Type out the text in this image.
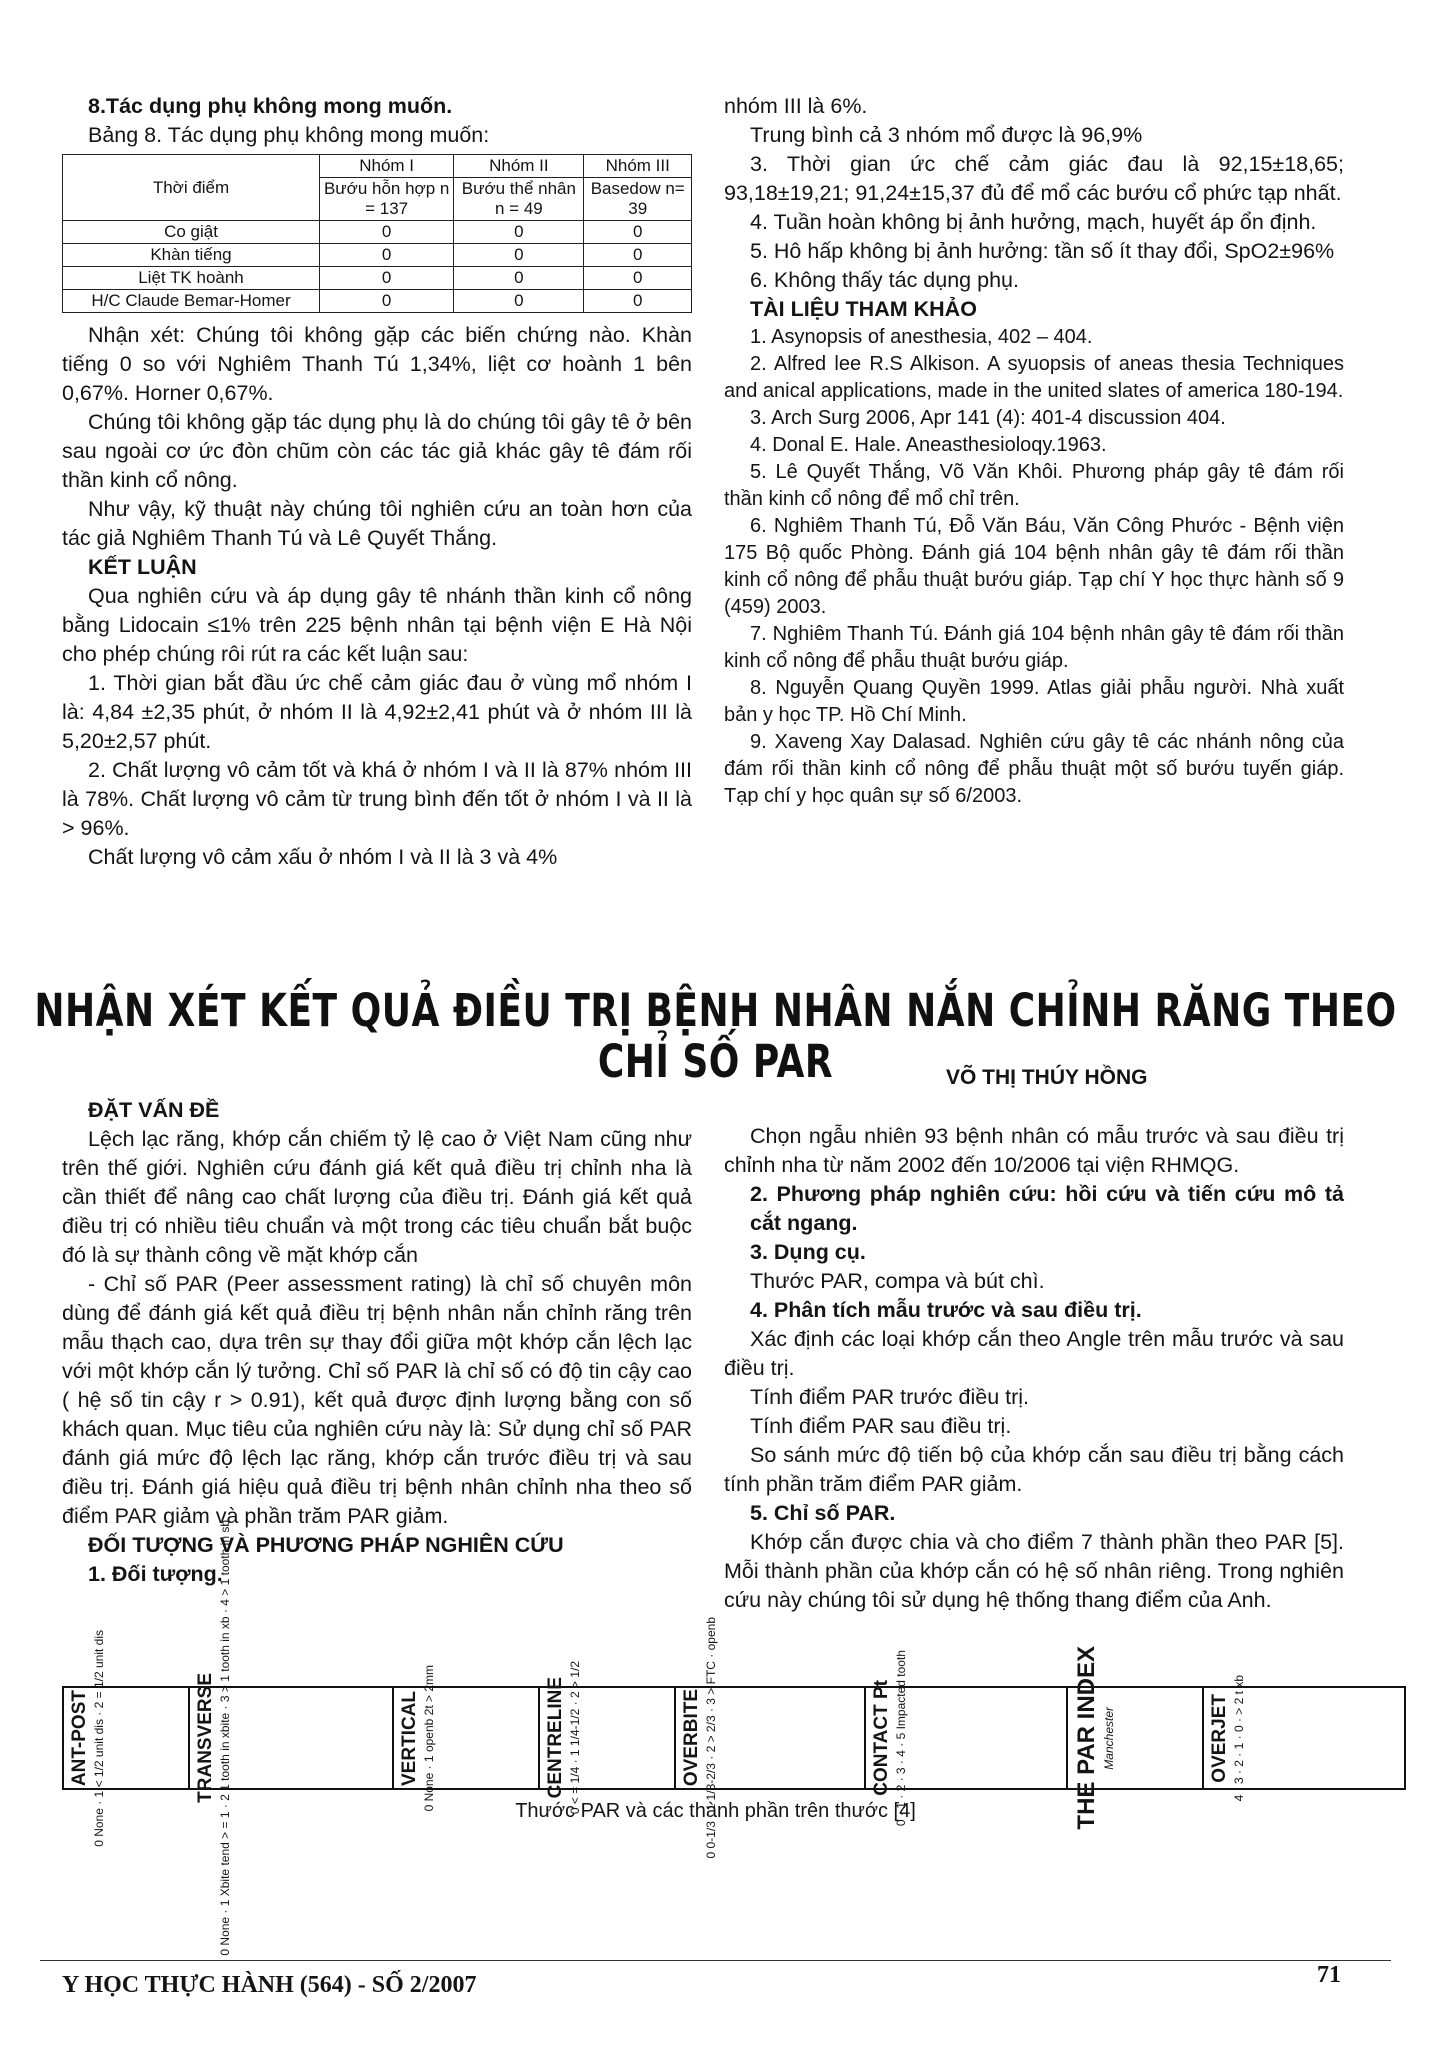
8.Tác dụng phụ không mong muốn.

Bảng 8. Tác dụng phụ không mong muốn:

Thời điểm	Nhóm I	Nhóm II	Nhóm III
	Bướu hỗn hợp n = 137	Bướu thể nhân n = 49	Basedow n= 39
Co giật	0	0	0
Khàn tiếng	0	0	0
Liệt TK hoành	0	0	0
H/C Claude Bemar-Homer	0	0	0

Nhận xét: Chúng tôi không gặp các biến chứng nào. Khàn tiếng 0 so với Nghiêm Thanh Tú 1,34%, liệt cơ hoành 1 bên 0,67%. Horner 0,67%.

Chúng tôi không gặp tác dụng phụ là do chúng tôi gây tê ở bên sau ngoài cơ ức đòn chũm còn các tác giả khác gây tê đám rối thần kinh cổ nông.

Như vậy, kỹ thuật này chúng tôi nghiên cứu an toàn hơn của tác giả Nghiêm Thanh Tú và Lê Quyết Thắng.

KẾT LUẬN

Qua nghiên cứu và áp dụng gây tê nhánh thần kinh cổ nông bằng Lidocain ≤1% trên 225 bệnh nhân tại bệnh viện E Hà Nội cho phép chúng rôi rút ra các kết luận sau:

1. Thời gian bắt đầu ức chế cảm giác đau ở vùng mổ nhóm I là: 4,84 ±2,35 phút, ở nhóm II là 4,92±2,41 phút và ở nhóm III là 5,20±2,57 phút.

2. Chất lượng vô cảm tốt và khá ở nhóm I và II là 87% nhóm III là 78%. Chất lượng vô cảm từ trung bình đến tốt ở nhóm I và II là > 96%.

Chất lượng vô cảm xấu ở nhóm I và II là 3 và 4%

nhóm III là 6%.

Trung bình cả 3 nhóm mổ được là 96,9%

3. Thời gian ức chế cảm giác đau là 92,15±18,65; 93,18±19,21; 91,24±15,37 đủ để mổ các bướu cổ phức tạp nhất.

4. Tuần hoàn không bị ảnh hưởng, mạch, huyết áp ổn định.

5. Hô hấp không bị ảnh hưởng: tần số ít thay đổi, SpO2±96%

6. Không thấy tác dụng phụ.

TÀI LIỆU THAM KHẢO

1. Asynopsis of anesthesia, 402 – 404.

2. Alfred lee R.S Alkison. A syuopsis of aneas thesia Techniques and anical applications, made in the united slates of america 180-194.

3. Arch Surg 2006, Apr 141 (4): 401-4 discussion 404.

4. Donal E. Hale. Aneasthesioloqy.1963.

5. Lê Quyết Thắng, Võ Văn Khôi. Phương pháp gây tê đám rối thần kinh cổ nông để mổ chỉ trên.

6. Nghiêm Thanh Tú, Đỗ Văn Báu, Văn Công Phước - Bệnh viện 175 Bộ quốc Phòng. Đánh giá 104 bệnh nhân gây tê đám rối thần kinh cổ nông để phẫu thuật bướu giáp. Tạp chí Y học thực hành số 9 (459) 2003.

7. Nghiêm Thanh Tú. Đánh giá 104 bệnh nhân gây tê đám rối thần kinh cổ nông để phẫu thuật bướu giáp.

8. Nguyễn Quang Quyền 1999. Atlas giải phẫu người. Nhà xuất bản y học TP. Hồ Chí Minh.

9. Xaveng Xay Dalasad. Nghiên cứu gây tê các nhánh nông của đám rối thần kinh cổ nông để phẫu thuật một số bướu tuyến giáp. Tạp chí y học quân sự số 6/2003.

NHẬN XÉT KẾT QUẢ ĐIỀU TRỊ BỆNH NHÂN NẮN CHỈNH RĂNG THEO CHỈ SỐ PAR	VÕ THỊ THÚY HỒNG

ĐẶT VẤN ĐỀ

Lệch lạc răng, khớp cắn chiếm tỷ lệ cao ở Việt Nam cũng như trên thế giới. Nghiên cứu đánh giá kết quả điều trị chỉnh nha là cần thiết để nâng cao chất lượng của điều trị. Đánh giá kết quả điều trị có nhiều tiêu chuẩn và một trong các tiêu chuẩn bắt buộc đó là sự thành công về mặt khớp cắn

- Chỉ số PAR (Peer assessment rating) là chỉ số chuyên môn dùng để đánh giá kết quả điều trị bệnh nhân nắn chỉnh răng trên mẫu thạch cao, dựa trên sự thay đổi giữa một khớp cắn lệch lạc với một khớp cắn lý tưởng. Chỉ số PAR là chỉ số có độ tin cậy cao ( hệ số tin cậy r > 0.91), kết quả được định lượng bằng con số khách quan. Mục tiêu của nghiên cứu này là: Sử dụng chỉ số PAR đánh giá mức độ lệch lạc răng, khớp cắn trước điều trị và sau điều trị. Đánh giá hiệu quả điều trị bệnh nhân chỉnh nha theo số điểm PAR giảm và phần trăm PAR giảm.

ĐỐI TƯỢNG VÀ PHƯƠNG PHÁP NGHIÊN CỨU

1. Đối tượng.

Chọn ngẫu nhiên 93 bệnh nhân có mẫu trước và sau điều trị chỉnh nha từ năm 2002 đến 10/2006 tại viện RHMQG.

2. Phương pháp nghiên cứu: hồi cứu và tiến cứu mô tả cắt ngang.

3. Dụng cụ.

Thước PAR, compa và bút chì.

4. Phân tích mẫu trước và sau điều trị.

Xác định các loại khớp cắn theo Angle trên mẫu trước và sau điều trị.

Tính điểm PAR trước điều trị.

Tính điểm PAR sau điều trị.

So sánh mức độ tiến bộ của khớp cắn sau điều trị bằng cách tính phần trăm điểm PAR giảm.

5. Chỉ số PAR.

Khớp cắn được chia và cho điểm 7 thành phần theo PAR [5]. Mỗi thành phần của khớp cắn có hệ số nhân riêng. Trong nghiên cứu này chúng tôi sử dụng hệ thống thang điểm của Anh.

ANT-POST 0 None · 1 < 1/2 unit dis · 2 = 1/2 unit dis	TRANSVERSE 0 None · 1 Xbite tend > = 1 · 2 1 tooth in xbite · 3 > 1 tooth in xb · 4 > 1 tooth in sb	VERTICAL 0 None · 1 openb 2t > 2mm	CENTRELINE 0 < = 1/4 · 1 1/4-1/2 · 2 > 1/2	OVERBITE 0 0-1/3 · 1 1/3-2/3 · 2 > 2/3 · 3 > FTC · openb	CONTACT Pt 0 · 1 · 2 · 3 · 4 · 5 Impacted tooth	THE PAR INDEX Manchester	OVERJET 4 · 3 · 2 · 1 · 0 · > 2 t xb
Thước PAR và các thành phần trên thước [4]
Y HỌC THỰC HÀNH (564) - SỐ 2/2007	71
